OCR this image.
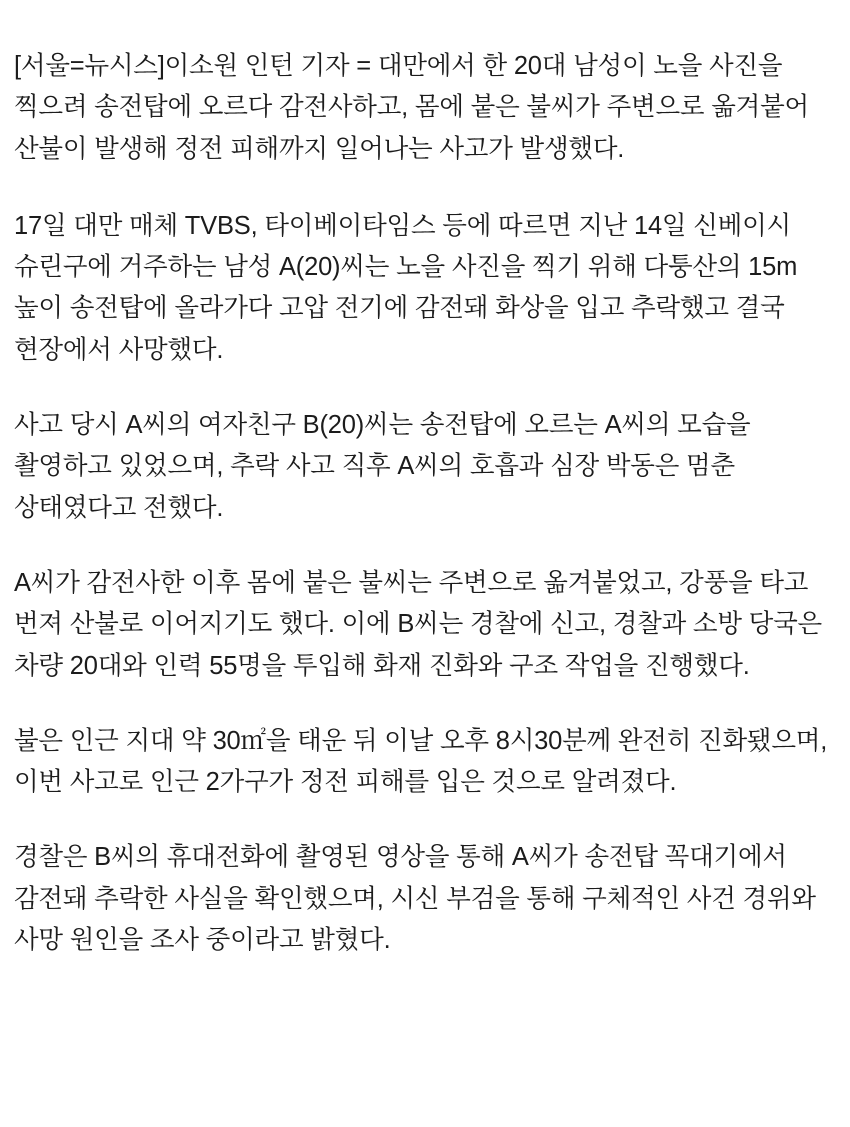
[서울=뉴시스]이소원 인턴 기자 = 대만에서 한 20대 남성이 노을 사진을 찍으려 송전탑에 오르다 감전사하고, 몸에 붙은 불씨가 주변으로 옮겨붙어 산불이 발생해 정전 피해까지 일어나는 사고가 발생했다.

17일 대만 매체 TVBS, 타이베이타임스 등에 따르면 지난 14일 신베이시 슈린구에 거주하는 남성 A(20)씨는 노을 사진을 찍기 위해 다퉁산의 15m 높이 송전탑에 올라가다 고압 전기에 감전돼 화상을 입고 추락했고 결국 현장에서 사망했다.

사고 당시 A씨의 여자친구 B(20)씨는 송전탑에 오르는 A씨의 모습을 촬영하고 있었으며, 추락 사고 직후 A씨의 호흡과 심장 박동은 멈춘 상태였다고 전했다.

A씨가 감전사한 이후 몸에 붙은 불씨는 주변으로 옮겨붙었고, 강풍을 타고 번져 산불로 이어지기도 했다. 이에 B씨는 경찰에 신고, 경찰과 소방 당국은 차량 20대와 인력 55명을 투입해 화재 진화와 구조 작업을 진행했다.

불은 인근 지대 약 30㎡을 태운 뒤 이날 오후 8시30분께 완전히 진화됐으며, 이번 사고로 인근 2가구가 정전 피해를 입은 것으로 알려졌다.

경찰은 B씨의 휴대전화에 촬영된 영상을 통해 A씨가 송전탑 꼭대기에서 감전돼 추락한 사실을 확인했으며, 시신 부검을 통해 구체적인 사건 경위와 사망 원인을 조사 중이라고 밝혔다.
